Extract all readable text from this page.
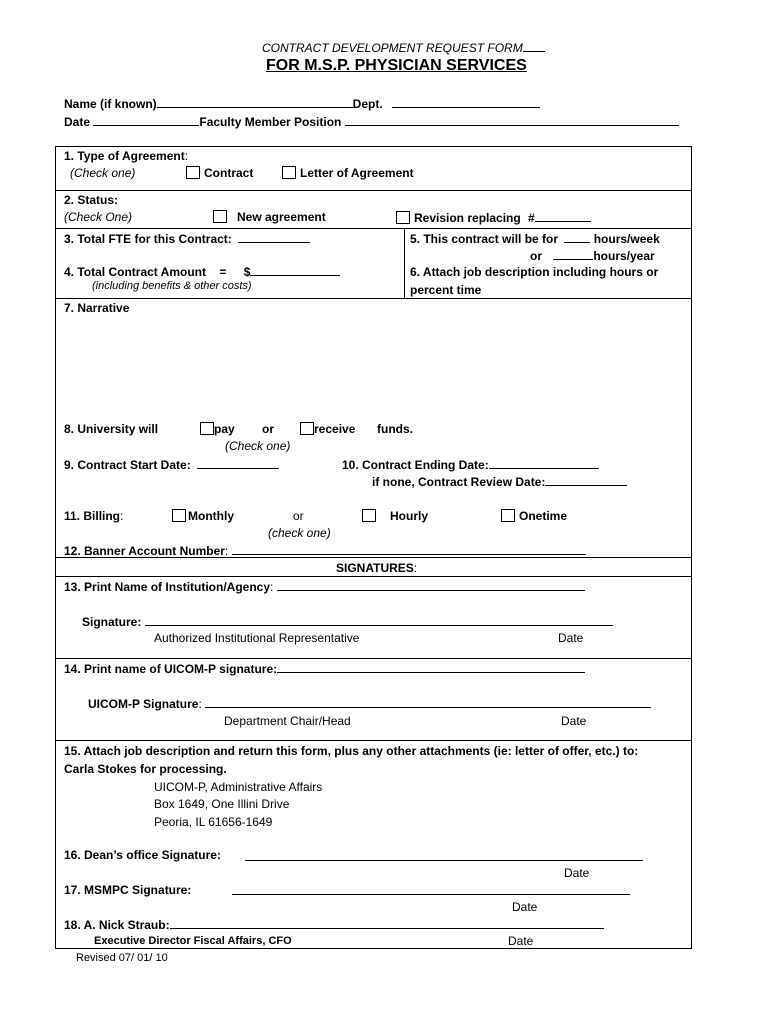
CONTRACT DEVELOPMENT REQUEST FORM
FOR M.S.P. PHYSICIAN SERVICES
Name (if known)	Dept.
Date	Faculty Member Position
1. Type of Agreement:
(Check one)	Contract	Letter of Agreement
2. Status:
(Check One)	New agreement	Revision replacing #
3. Total FTE for this Contract:
4. Total Contract Amount = $
(including benefits & other costs)
5. This contract will be for	hours/week
or	hours/year
6. Attach job description including hours or
percent time
7. Narrative
8. University will	pay or	receive funds.
(Check one)
9. Contract Start Date:	10. Contract Ending Date:
if none, Contract Review Date:
11. Billing:	Monthly	or
(check one)
Hourly	Onetime
12. Banner Account Number:
SIGNATURES:
13. Print Name of Institution/Agency:
Signature:
Authorized Institutional Representative	Date
14. Print name of UICOM-P signature:
UICOM-P Signature:
Department Chair/Head	Date
15. Attach job description and return this form, plus any other attachments (ie: letter of offer, etc.) to:
Carla Stokes for processing.
UICOM-P, Administrative Affairs
Box 1649, One Illini Drive
Peoria, IL 61656-1649
16. Dean’s office Signature:
Date
17. MSMPC Signature:
Date
18. A. Nick Straub:
Executive Director Fiscal Affairs, CFO	Date
Revised 07/ 01/ 10
